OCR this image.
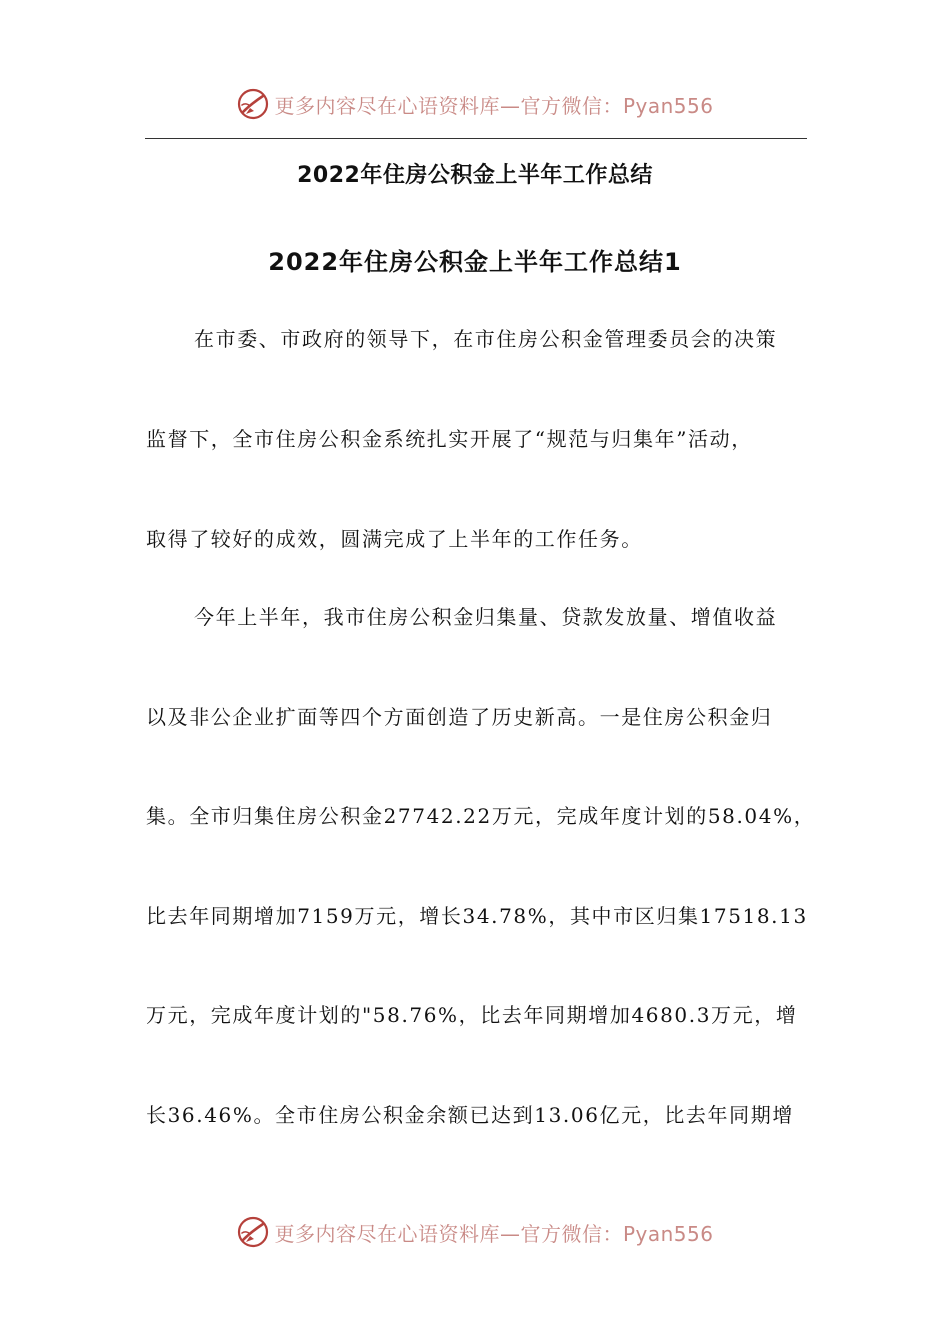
更多内容尽在心语资料库—官方微信：Pyan556
2022年住房公积金上半年工作总结
2022年住房公积金上半年工作总结1
在市委、市政府的领导下，在市住房公积金管理委员会的决策
监督下，全市住房公积金系统扎实开展了“规范与归集年”活动，
取得了较好的成效，圆满完成了上半年的工作任务。
今年上半年，我市住房公积金归集量、贷款发放量、增值收益
以及非公企业扩面等四个方面创造了历史新高。一是住房公积金归
集。全市归集住房公积金27742.22万元，完成年度计划的58.04%，
比去年同期增加7159万元，增长34.78%，其中市区归集17518.13
万元，完成年度计划的"58.76%，比去年同期增加4680.3万元，增
长36.46%。全市住房公积金余额已达到13.06亿元，比去年同期增
更多内容尽在心语资料库—官方微信：Pyan556
